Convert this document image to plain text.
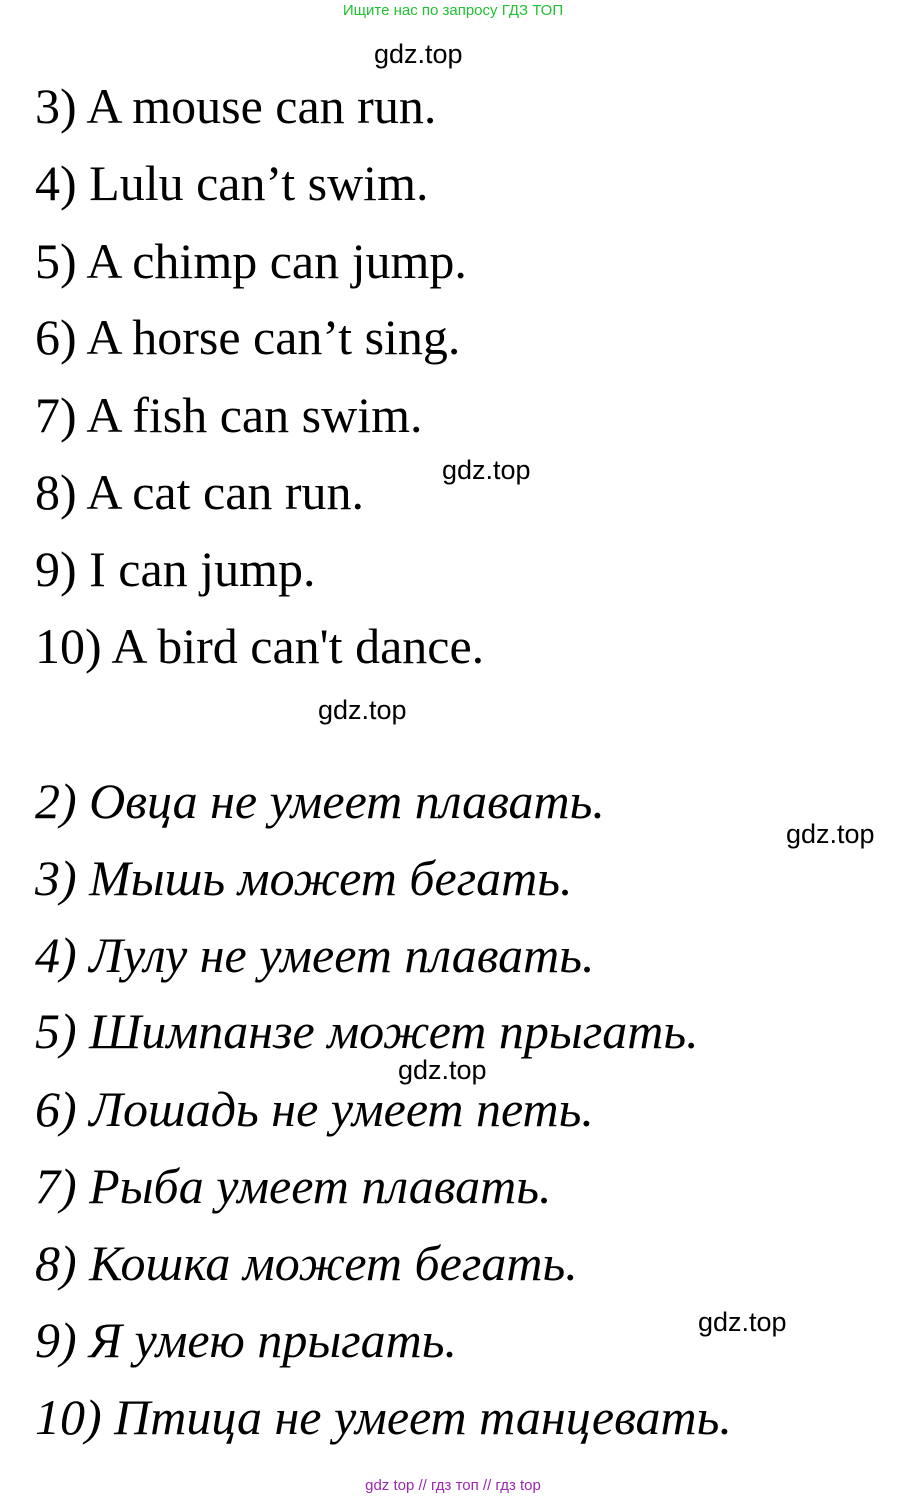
Ищите нас по запросу ГДЗ ТОП
gdz.top
gdz.top
gdz.top
gdz.top
gdz.top
gdz.top
3) A mouse can run.
4) Lulu can’t swim.
5) A chimp can jump.
6) A horse can’t sing.
7) A fish can swim.
8) A cat can run.
9) I can jump.
10) A bird can't dance.
2) Овца не умеет плавать.
3) Мышь может бегать.
4) Лулу не умеет плавать.
5) Шимпанзе может прыгать.
6) Лошадь не умеет петь.
7) Рыба умеет плавать.
8) Кошка может бегать.
9) Я умею прыгать.
10) Птица не умеет танцевать.
gdz top // гдз топ // гдз top
